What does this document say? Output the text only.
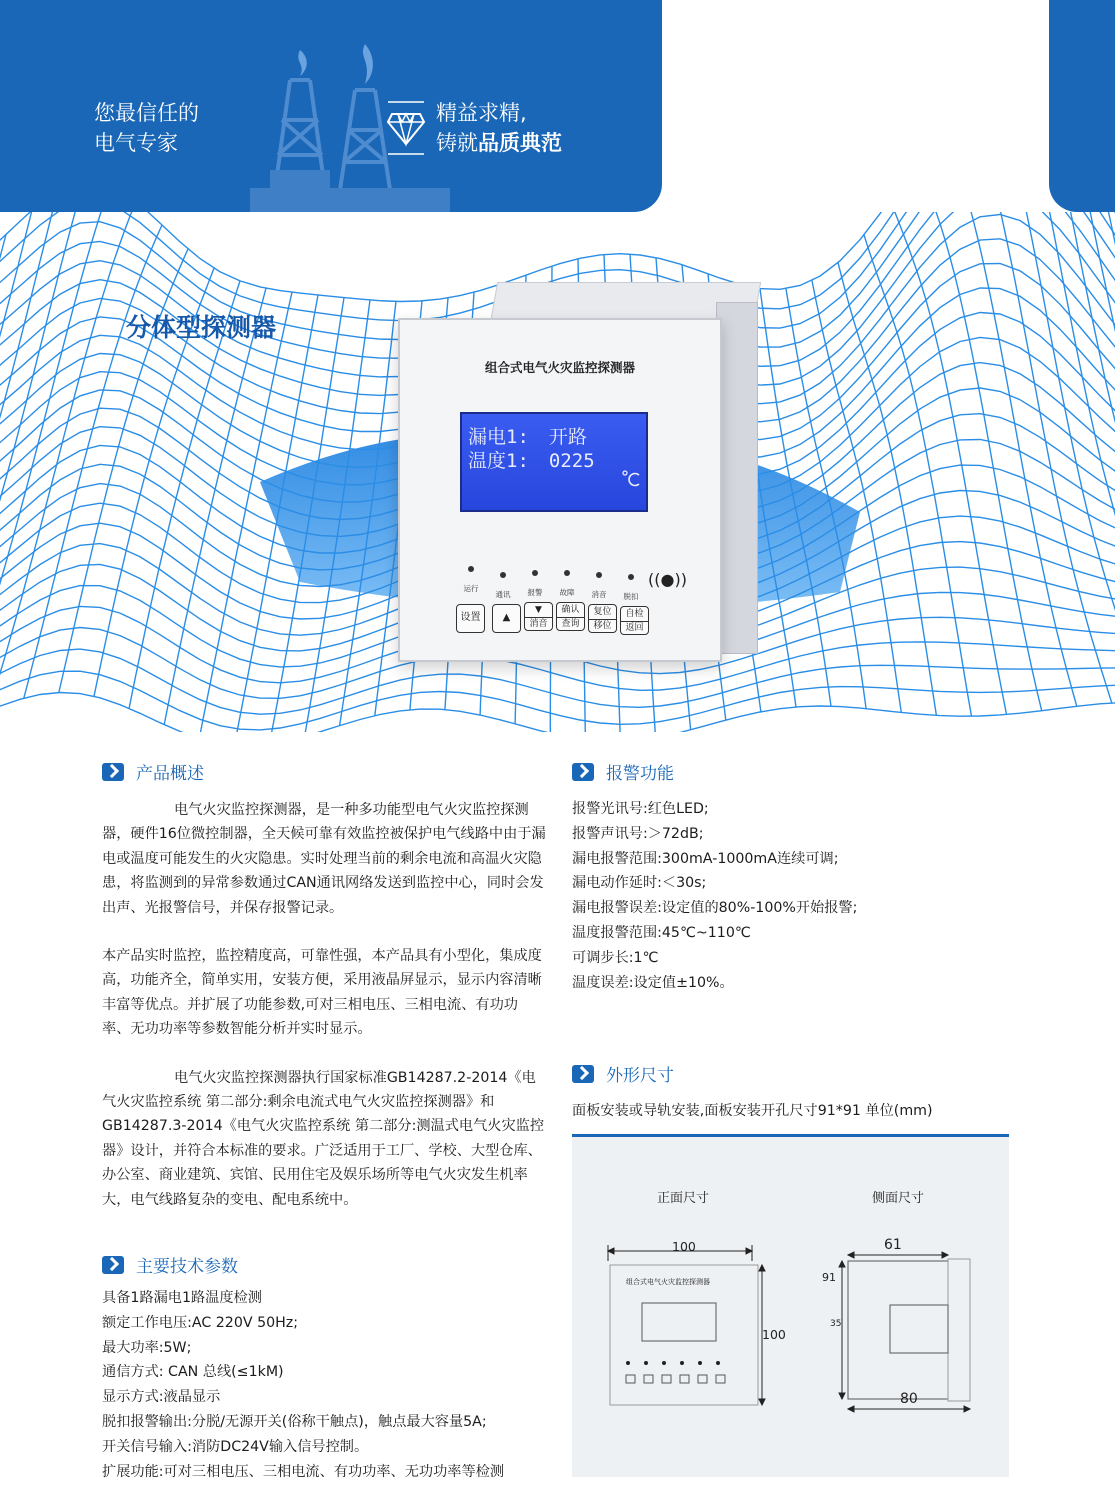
您最信任的
电气专家
精益求精,
铸就品质典范
分体型探测器
组合式电气火灾监控探测器
漏电1: 开路
温度1: 0225
运行
通讯	报警	故障	消音	脱扣
((●))
设置	▲
▼
消音
确认
查询
复位
移位
自检
返回
产品概述

电气火灾监控探测器，是一种多功能型电气火灾监控探测器，硬件16位微控制器，全天候可靠有效监控被保护电气线路中由于漏电或温度可能发生的火灾隐患。实时处理当前的剩余电流和高温火灾隐患，将监测到的异常参数通过CAN通讯网络发送到监控中心，同时会发出声、光报警信号，并保存报警记录。

本产品实时监控，监控精度高，可靠性强，本产品具有小型化，集成度高，功能齐全，简单实用，安装方便，采用液晶屏显示，显示内容清晰丰富等优点。并扩展了功能参数,可对三相电压、三相电流、有功功率、无功功率等参数智能分析并实时显示。

电气火灾监控探测器执行国家标准GB14287.2-2014《电气火灾监控系统 第二部分:剩余电流式电气火灾监控探测器》和GB14287.3-2014《电气火灾监控系统 第二部分:测温式电气火灾监控器》设计，并符合本标准的要求。广泛适用于工厂、学校、大型仓库、办公室、商业建筑、宾馆、民用住宅及娱乐场所等电气火灾发生机率大，电气线路复杂的变电、配电系统中。

主要技术参数
具备1路漏电1路温度检测
额定工作电压:AC 220V 50Hz;
最大功率:5W;
通信方式: CAN 总线(≤1kM)
显示方式:液晶显示
脱扣报警输出:分脱/无源开关(俗称干触点)，触点最大容量5A;
开关信号输入:消防DC24V输入信号控制。
扩展功能:可对三相电压、三相电流、有功功率、无功功率等检测
报警功能
报警光讯号:红色LED;
报警声讯号:＞72dB;
漏电报警范围:300mA-1000mA连续可调;
漏电动作延时:＜30s;
漏电报警误差:设定值的80%-100%开始报警;
温度报警范围:45℃~110℃
可调步长:1℃
温度误差:设定值±10%。
外形尺寸
面板安装或导轨安装,面板安装开孔尺寸91*91 单位(mm)
正面尺寸	侧面尺寸
100
组合式电气火灾监控探测器
100
61
91
35
80
